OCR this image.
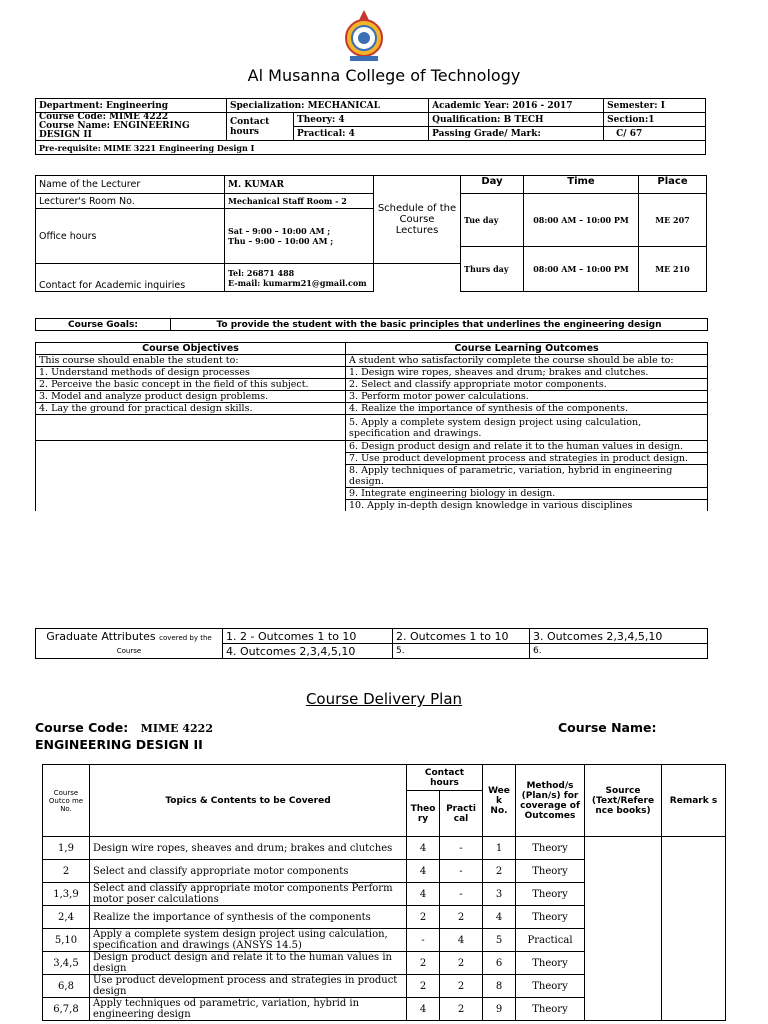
Al Musanna College of Technology
Department: Engineering	Specialization: MECHANICAL		Academic Year: 2016 - 2017	Semester: I

Course Code: MIME 4222
Course Name: ENGINEERING DESIGN II	Contact hours	Theory: 4	Qualification: B TECH	Section:1
		Practical: 4	Passing Grade/ Mark:	C/ 67
Pre-requisite: MIME 3221 Engineering Design I				
Name of the Lecturer	M. KUMAR	Schedule of the Course Lectures	Day	Time	Place
Lecturer's Room No.	Mechanical Staff Room - 2		Tue day	08:00 AM – 10:00 PM	ME 207
Office hours	Sat – 9:00 – 10:00 AM ;
Thu – 9:00 – 10:00 AM ;				

			Thurs day	08:00 AM – 10:00 PM	ME 210
Contact for Academic inquiries	Tel: 26871 488
E-mail: kumarm21@gmail.com				

Course Goals:	To provide the student with the basic principles that underlines the engineering design
Course Objectives	Course Learning Outcomes
This course should enable the student to:	A student who satisfactorily complete the course should be able to:
1. Understand methods of design processes	1. Design wire ropes, sheaves and drum; brakes and clutches.
2. Perceive the basic concept in the field of this subject.	2. Select and classify appropriate motor components.
3. Model and analyze product design problems.	3. Perform motor power calculations.
4. Lay the ground for practical design skills.	4. Realize the importance of synthesis of the components.
	5. Apply a complete system design project using calculation, specification and drawings.
	6. Design product design and relate it to the human values in design.
	7. Use product development process and strategies in product design.
	8. Apply techniques of parametric, variation, hybrid in engineering design.
	9. Integrate engineering biology in design.
	10. Apply in-depth design knowledge in various disciplines
Graduate Attributes covered by the Course	1. 2 - Outcomes 1 to 10	2. Outcomes 1 to 10	3. Outcomes 2,3,4,5,10
	4. Outcomes 2,3,4,5,10	5.	6.
Course Delivery Plan
Course Code: MIME 4222	Course Name:
ENGINEERING DESIGN II
Course Outco me No.	Topics & Contents to be Covered	Contact hours		Wee k No.	Method/s (Plan/s) for coverage of Outcomes	Source (Text/Refere nce books)	Remark s
		Theo ry	Practi cal				
1,9	Design wire ropes, sheaves and drum; brakes and clutches	4	-	1	Theory		
2	Select and classify appropriate motor components	4	-	2	Theory		
1,3,9	Select and classify appropriate motor components Perform motor poser calculations	4	-	3	Theory		
2,4	Realize the importance of synthesis of the components	2	2	4	Theory		
5,10	Apply a complete system design project using calculation, specification and drawings (ANSYS 14.5)	-	4	5	Practical		
3,4,5	Design product design and relate it to the human values in design	2	2	6	Theory		
6,8	Use product development process and strategies in product design	2	2	8	Theory		
6,7,8	Apply techniques od parametric, variation, hybrid in engineering design	4	2	9	Theory		
